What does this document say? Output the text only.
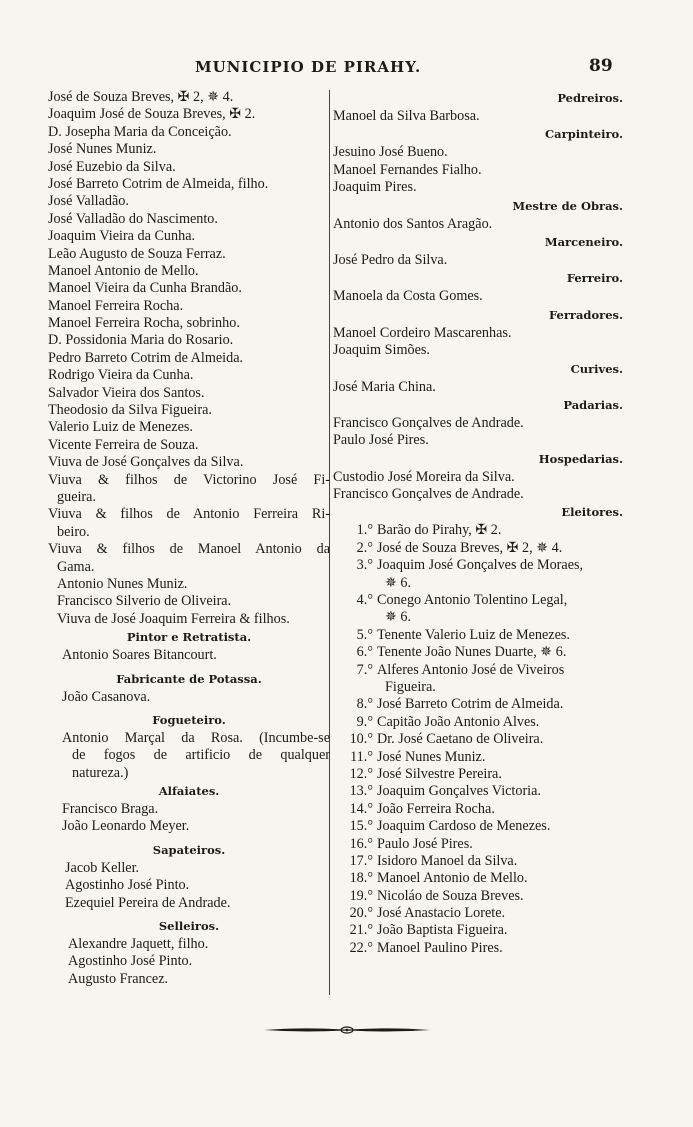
MUNICIPIO DE PIRAHY.	89
José de Souza Breves, ✠ 2, ✵ 4.
Joaquim José de Souza Breves, ✠ 2.
D. Josepha Maria da Conceição.
José Nunes Muniz.
José Euzebio da Silva.
José Barreto Cotrim de Almeida, filho.
José Valladão.
José Valladão do Nascimento.
Joaquim Vieira da Cunha.
Leão Augusto de Souza Ferraz.
Manoel Antonio de Mello.
Manoel Vieira da Cunha Brandão.
Manoel Ferreira Rocha.
Manoel Ferreira Rocha, sobrinho.
D. Possidonia Maria do Rosario.
Pedro Barreto Cotrim de Almeida.
Rodrigo Vieira da Cunha.
Salvador Vieira dos Santos.
Theodosio da Silva Figueira.
Valerio Luiz de Menezes.
Vicente Ferreira de Souza.
Viuva de José Gonçalves da Silva.
Viuva & filhos de Victorino José Fi-
gueira.
Viuva & filhos de Antonio Ferreira Ri-
beiro.
Viuva & filhos de Manoel Antonio da
Gama.
Antonio Nunes Muniz.
Francisco Silverio de Oliveira.
Viuva de José Joaquim Ferreira & filhos.
Pintor e Retratista.
Antonio Soares Bitancourt.
Fabricante de Potassa.
João Casanova.
Fogueteiro.
Antonio Marçal da Rosa. (Incumbe-se
de fogos de artificio de qualquer
natureza.)
Alfaiates.
Francisco Braga.
João Leonardo Meyer.
Sapateiros.
Jacob Keller.
Agostinho José Pinto.
Ezequiel Pereira de Andrade.
Selleiros.
Alexandre Jaquett, filho.
Agostinho José Pinto.
Augusto Francez.
Pedreiros.
Manoel da Silva Barbosa.
Carpinteiro.
Jesuino José Bueno.
Manoel Fernandes Fialho.
Joaquim Pires.
Mestre de Obras.
Antonio dos Santos Aragão.
Marceneiro.
José Pedro da Silva.
Ferreiro.
Manoela da Costa Gomes.
Ferradores.
Manoel Cordeiro Mascarenhas.
Joaquim Simões.
Curives.
José Maria China.
Padarias.
Francisco Gonçalves de Andrade.
Paulo José Pires.
Hospedarias.
Custodio José Moreira da Silva.
Francisco Gonçalves de Andrade.
Eleitores.
1.° Barão do Pirahy, ✠ 2.
2.° José de Souza Breves, ✠ 2, ✵ 4.
3.° Joaquim José Gonçalves de Moraes,
✵ 6.
4.° Conego Antonio Tolentino Legal,
✵ 6.
5.° Tenente Valerio Luiz de Menezes.
6.° Tenente João Nunes Duarte, ✵ 6.
7.° Alferes Antonio José de Viveiros
Figueira.
8.° José Barreto Cotrim de Almeida.
9.° Capitão João Antonio Alves.
10.° Dr. José Caetano de Oliveira.
11.° José Nunes Muniz.
12.° José Silvestre Pereira.
13.° Joaquim Gonçalves Victoria.
14.° João Ferreira Rocha.
15.° Joaquim Cardoso de Menezes.
16.° Paulo José Pires.
17.° Isidoro Manoel da Silva.
18.° Manoel Antonio de Mello.
19.° Nicoláo de Souza Breves.
20.° José Anastacio Lorete.
21.° João Baptista Figueira.
22.° Manoel Paulino Pires.
